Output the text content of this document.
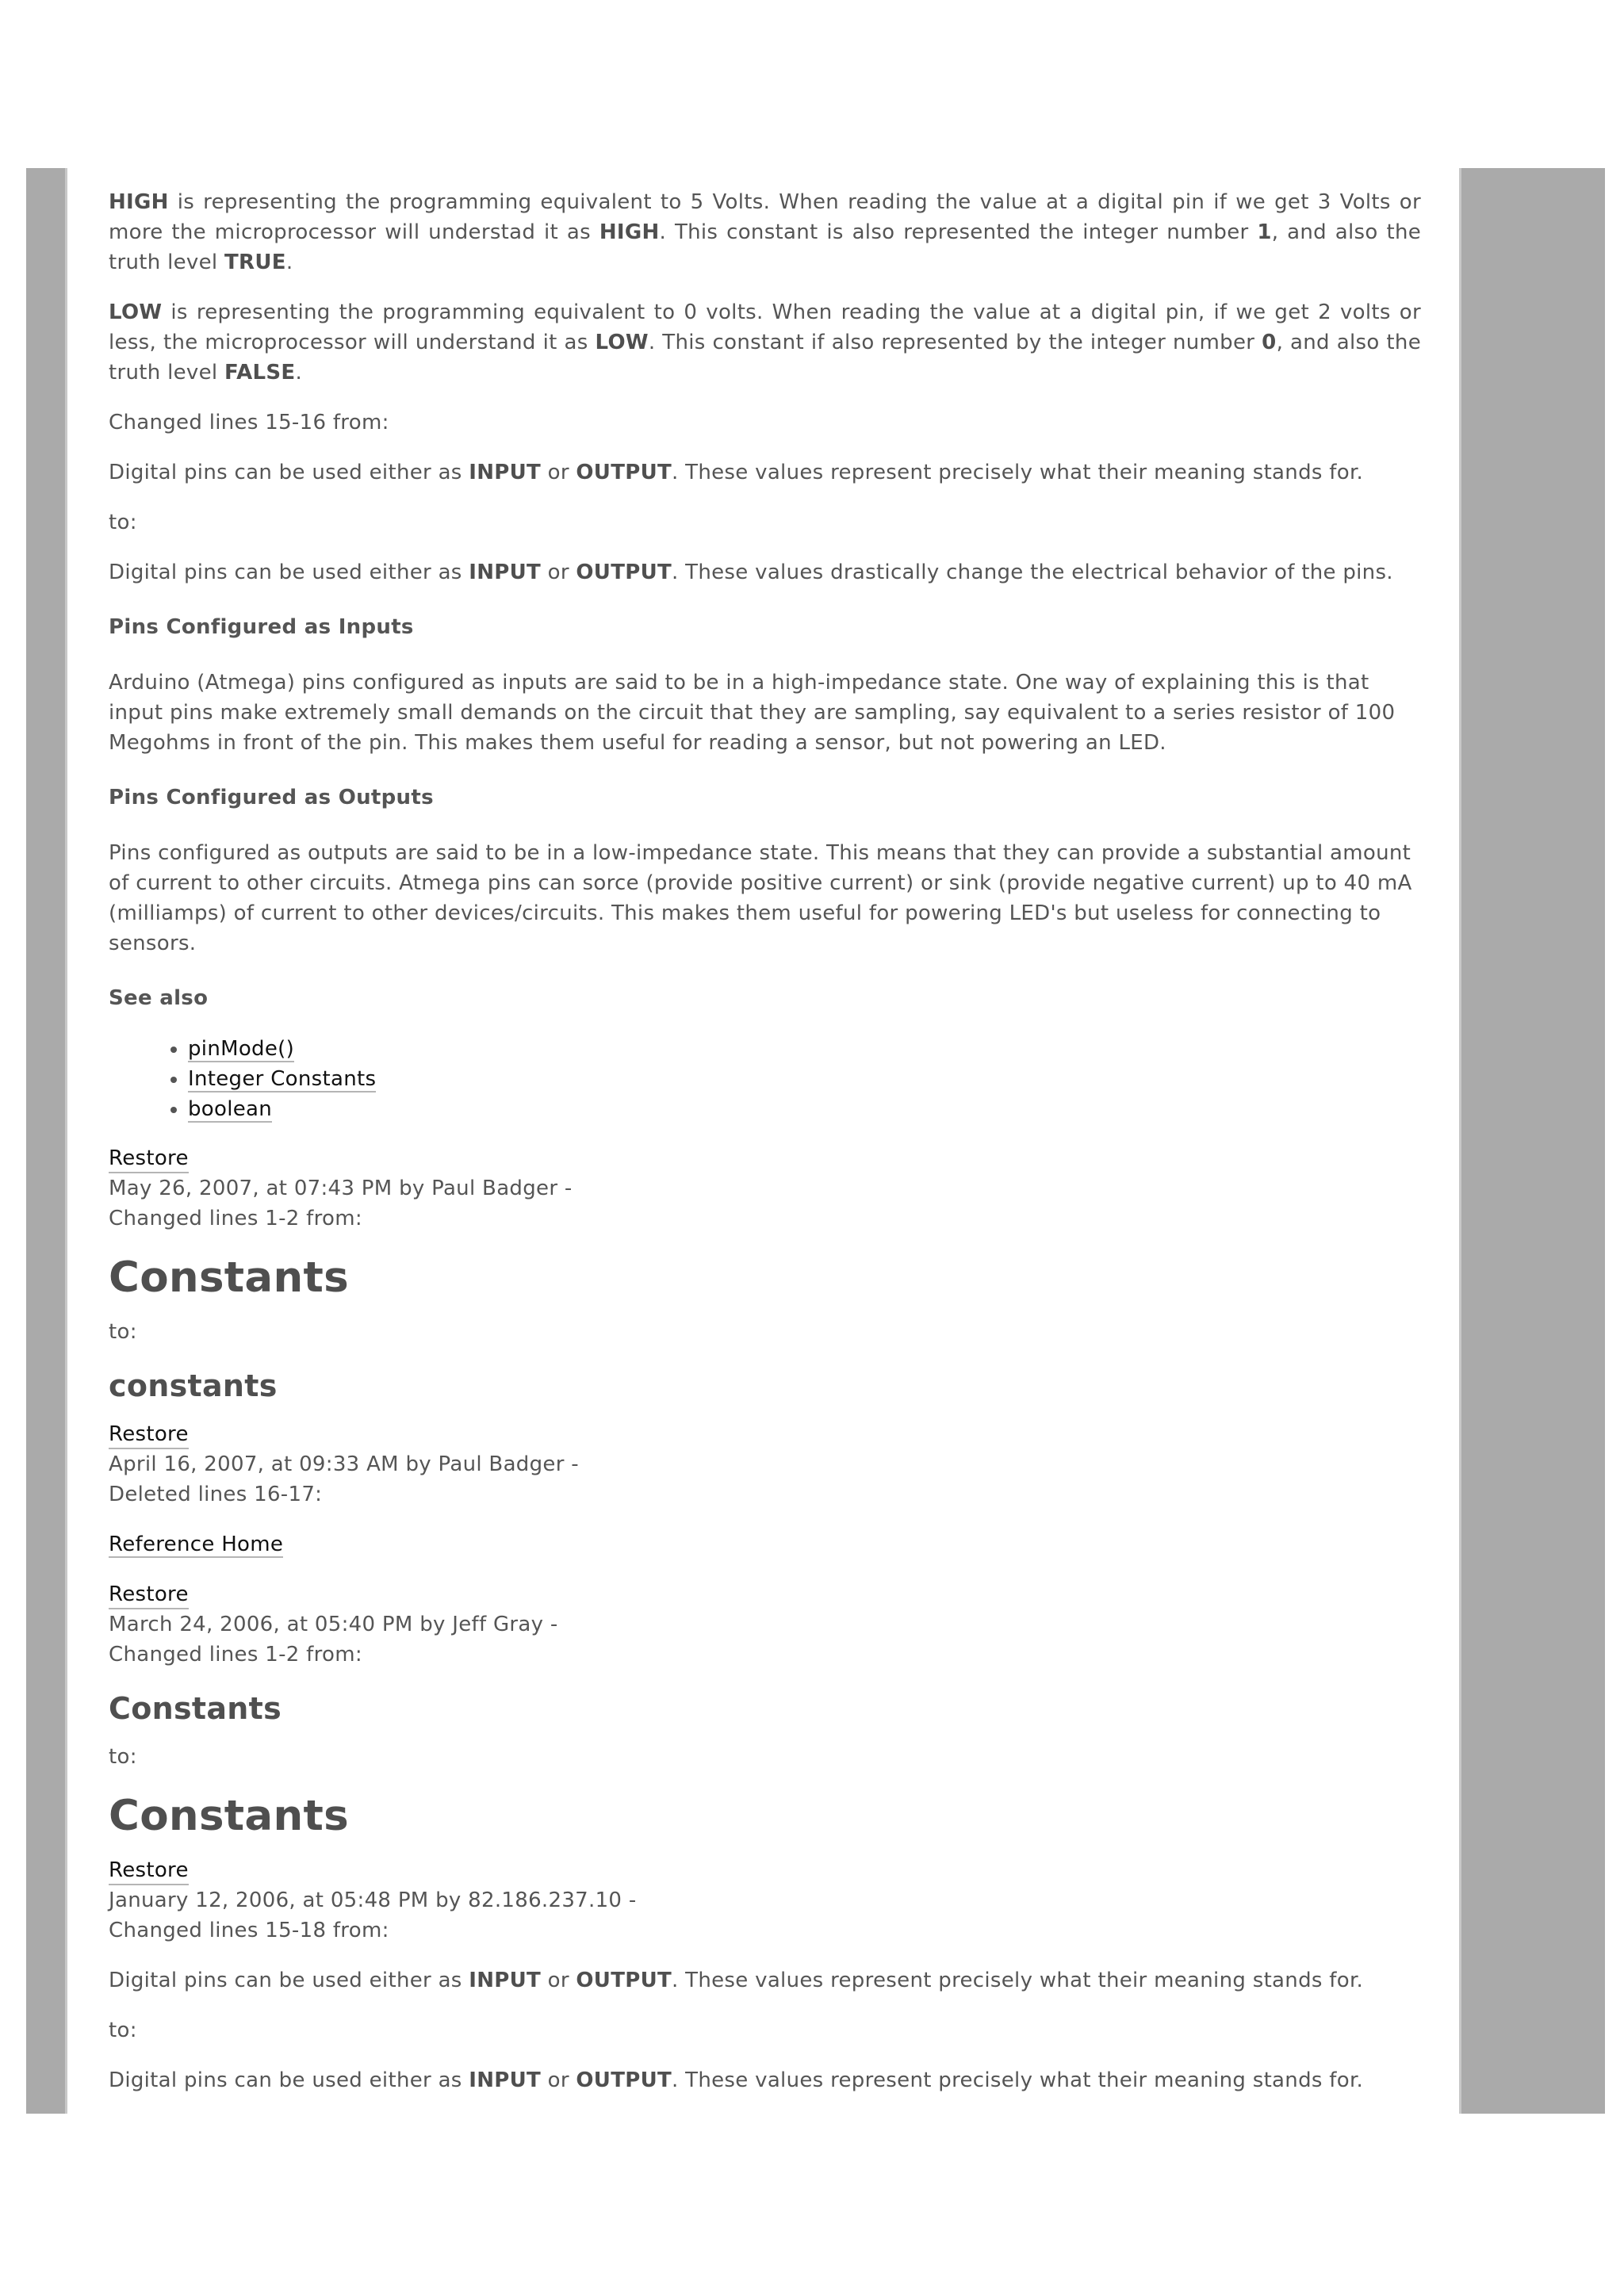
HIGH is representing the programming equivalent to 5 Volts. When reading the value at a digital pin if we get 3 Volts or more the microprocessor will understad it as HIGH. This constant is also represented the integer number 1, and also the truth level TRUE.

LOW is representing the programming equivalent to 0 volts. When reading the value at a digital pin, if we get 2 volts or less, the microprocessor will understand it as LOW. This constant if also represented by the integer number 0, and also the truth level FALSE.

Changed lines 15-16 from:

Digital pins can be used either as INPUT or OUTPUT. These values represent precisely what their meaning stands for.

to:

Digital pins can be used either as INPUT or OUTPUT. These values drastically change the electrical behavior of the pins.

Pins Configured as Inputs

Arduino (Atmega) pins configured as inputs are said to be in a high-impedance state. One way of explaining this is that input pins make extremely small demands on the circuit that they are sampling, say equivalent to a series resistor of 100 Megohms in front of the pin. This makes them useful for reading a sensor, but not powering an LED.

Pins Configured as Outputs

Pins configured as outputs are said to be in a low-impedance state. This means that they can provide a substantial amount of current to other circuits. Atmega pins can sorce (provide positive current) or sink (provide negative current) up to 40 mA (milliamps) of current to other devices/circuits. This makes them useful for powering LED's but useless for connecting to sensors.

See also
• pinMode()
• Integer Constants
• boolean
Restore
May 26, 2007, at 07:43 PM by Paul Badger -
Changed lines 1-2 from:
Constants

to:

constants
Restore
April 16, 2007, at 09:33 AM by Paul Badger -
Deleted lines 16-17:

Reference Home

Restore
March 24, 2006, at 05:40 PM by Jeff Gray -
Changed lines 1-2 from:
Constants

to:

Constants
Restore
January 12, 2006, at 05:48 PM by 82.186.237.10 -
Changed lines 15-18 from:

Digital pins can be used either as INPUT or OUTPUT. These values represent precisely what their meaning stands for.

to:

Digital pins can be used either as INPUT or OUTPUT. These values represent precisely what their meaning stands for.
